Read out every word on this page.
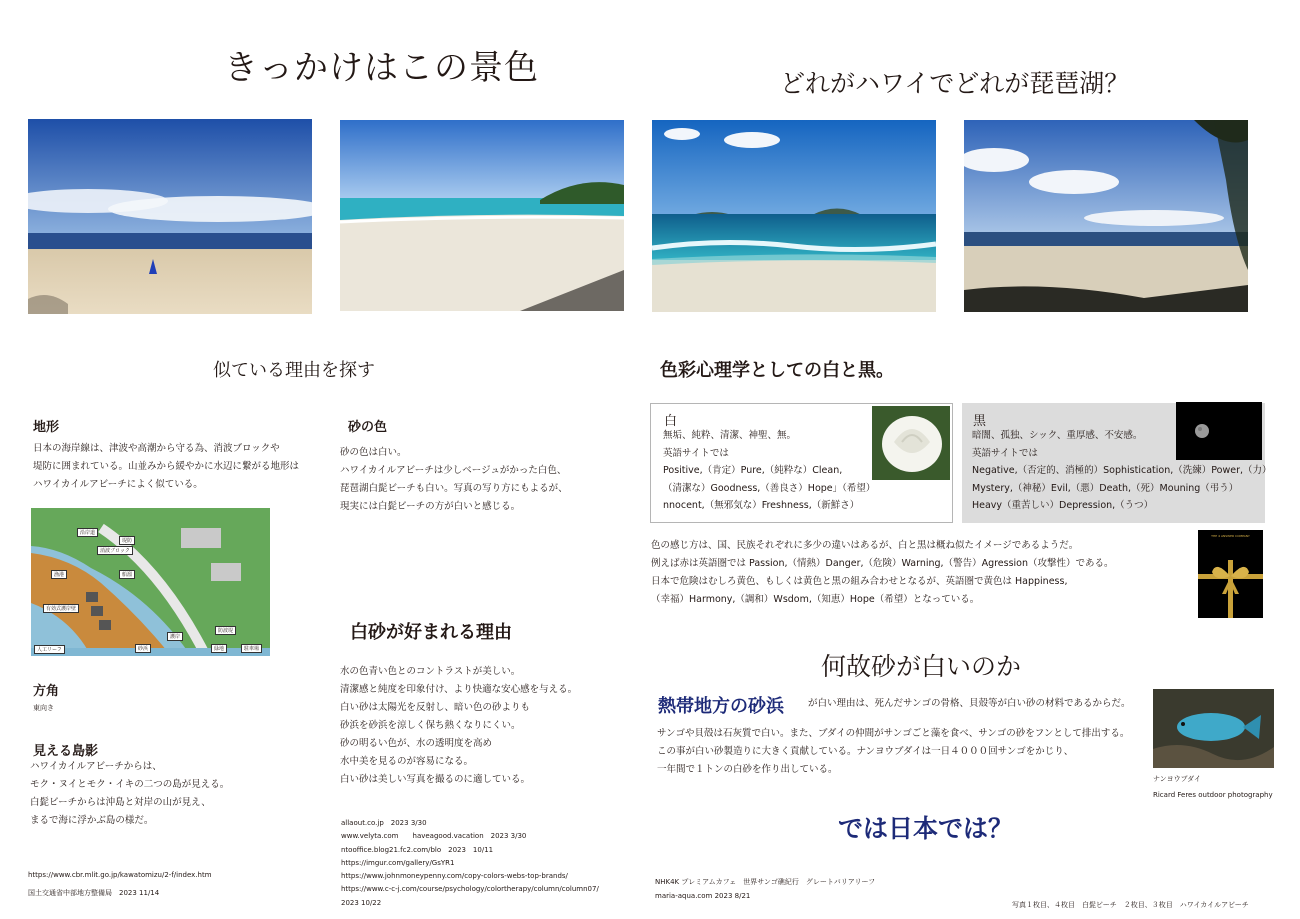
きっかけはこの景色	どれがハワイでどれが琵琶湖？
似ている理由を探す	色彩心理学としての白と黒。
地形
日本の海岸線は、津波や高潮から守る為、消波ブロックや
堤防に囲まれている。山並みから緩やかに水辺に繋がる地形は
ハワイカイルアビーチによく似ている。
砂の色
砂の色は白い。
ハワイカイルアビーチは少しベージュがかった白色、
琵琶湖白髭ビーチも白い。写真の写り方にもよるが、
現実には白髭ビーチの方が白いと感じる。
沿岸道
消波ブロック
堤防
漁港	船溜
有効式護岸壁
人工リーフ	砂浜
護岸
防波堤
緑地	駐車場
方角
東向き
見える島影
ハワイカイルアビーチからは、
モク・ヌイとモク・イキの二つの島が見える。
白髭ビーチからは沖島と対岸の山が見え、
まるで海に浮かぶ島の様だ。
白砂が好まれる理由
水の色青い色とのコントラストが美しい。
清潔感と純度を印象付け、より快適な安心感を与える。
白い砂は太陽光を反射し、暗い色の砂よりも
砂浜を砂浜を涼しく保ち熱くなりにくい。
砂の明るい色が、水の透明度を高め
水中美を見るのが容易になる。
白い砂は美しい写真を撮るのに適している。
白
無垢、純粋、清潔、神聖、無。
英語サイトでは
Positive,（肯定）Pure,（純粋な）Clean,
（清潔な）Goodness,（善良さ）Hope」（希望）
nnocent,（無邪気な）Freshness,（新鮮さ）
黒
暗闇、孤独、シック、重厚感、不安感。
英語サイトでは
Negative,（否定的、消極的）Sophistication,（洗練）Power,（力）
Mystery,（神秘）Evil,（悪）Death,（死）Mouning（弔う）
Heavy（重苦しい）Depression,（うつ）
色の感じ方は、国、民族それぞれに多少の違いはあるが、白と黒は概ね似たイメージであるようだ。
例えば赤は英語圏では Passion,（情熱）Danger,（危険）Warning,（警告）Agression（攻撃性）である。
日本で危険はむしろ黄色、もしくは黄色と黒の組み合わせとなるが、英語圏で黄色は Happiness,
（幸福）Harmony,（調和）Wsdom,（知恵）Hope（希望）となっている。
THE 4 ANSWER COMPANY
何故砂が白いのか
熱帯地方の砂浜	が白い理由は、死んだサンゴの骨格、貝殻等が白い砂の材料であるからだ。
サンゴや貝殻は石灰質で白い。また、ブダイの仲間がサンゴごと藻を食べ、サンゴの砂をフンとして排出する。
この事が白い砂製造りに大きく貢献している。ナンヨウブダイは一日４０００回サンゴをかじり、
一年間で１トンの白砂を作り出している。
ナンヨウブダイ
Ricard Feres outdoor photography
では日本では？
https://www.cbr.mlit.go.jp/kawatomizu/2-f/index.htm
国土交通省中部地方整備局　2023 11/14
allaout.co.jp　2023 3/30
www.velyta.com　　haveagood.vacation　2023 3/30
ntooffice.blog21.fc2.com/blo　2023　10/11
https://imgur.com/gallery/GsYR1
https://www.johnmoneypenny.com/copy-colors-webs-top-brands/
https://www.c-c-j.com/course/psychology/colortherapy/column/column07/
2023 10/22
NHK4K プレミアムカフェ　世界サンゴ礁紀行　グレートバリアリーフ
maria-aqua.com 2023 8/21
写真１枚目、４枚目　白髭ビーチ　２枚目、３枚目　ハワイカイルアビーチ
